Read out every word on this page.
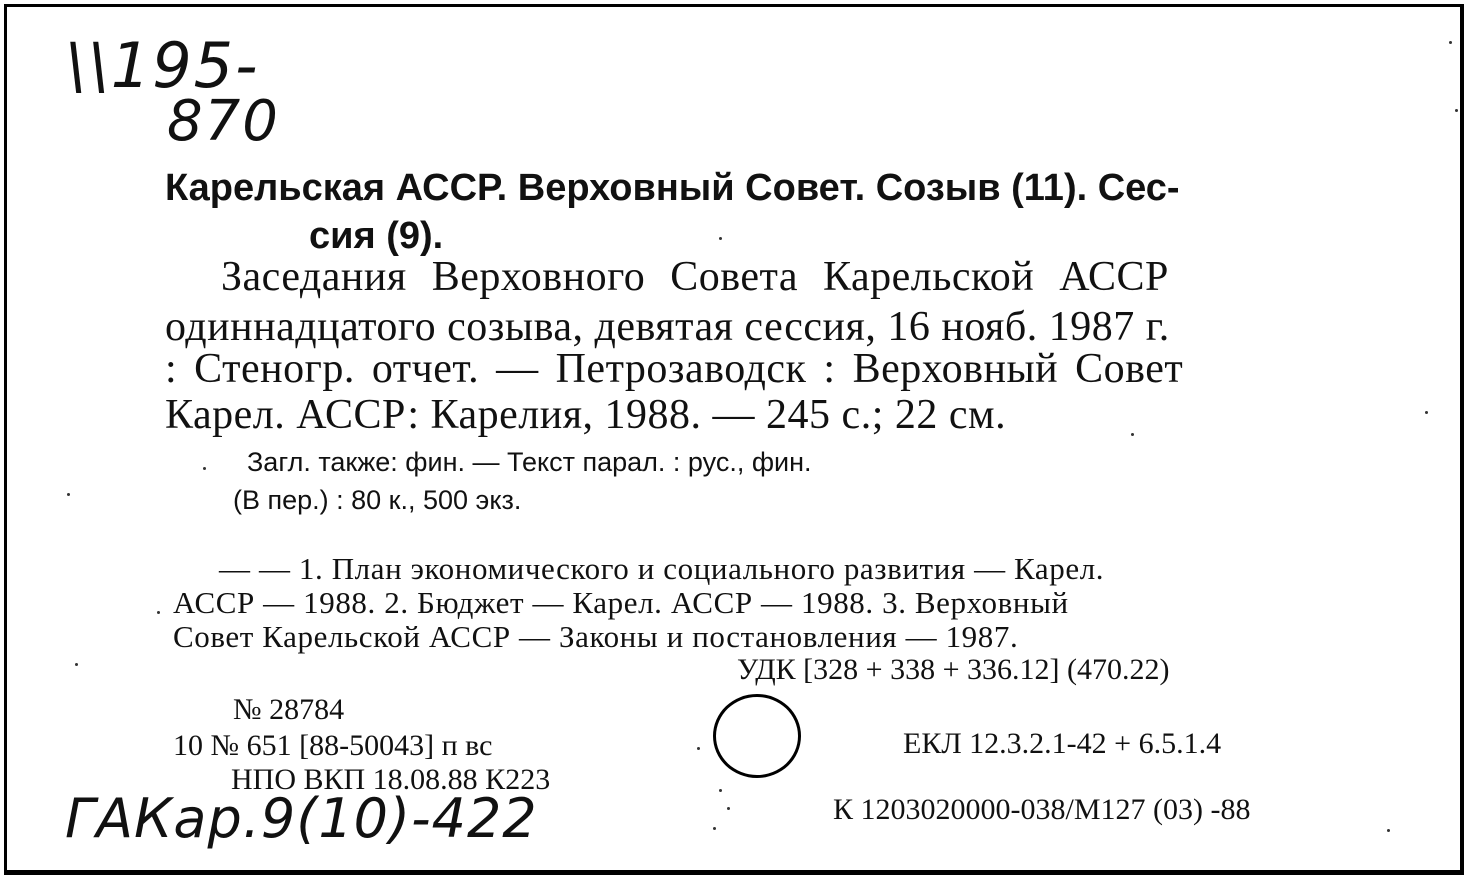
\\195-
870
Карельская АССР. Верховный Совет. Созыв (11). Сес-
сия (9).
Заседания Верховного Совета Карельской АССР
одиннадцатого созыва, девятая сессия, 16 нояб. 1987 г.
: Стеногр. отчет. — Петрозаводск : Верховный Совет
Карел. АССР: Карелия, 1988. — 245 с.; 22 см.
Загл. также: фин. — Текст парал. : рус., фин.
(В пер.) : 80 к., 500 экз.
— — 1. План экономического и социального развития — Карел.
АССР — 1988. 2. Бюджет — Карел. АССР — 1988. 3. Верховный
Совет Карельской АССР — Законы и постановления — 1987.
УДК [328 + 338 + 336.12] (470.22)
№ 28784
10 № 651 [88-50043] п вс
НПО ВКП 18.08.88 К223
ЕКЛ 12.3.2.1-42 + 6.5.1.4
К 1203020000-038/М127 (03) -88
ГАКар.9(10)-422
